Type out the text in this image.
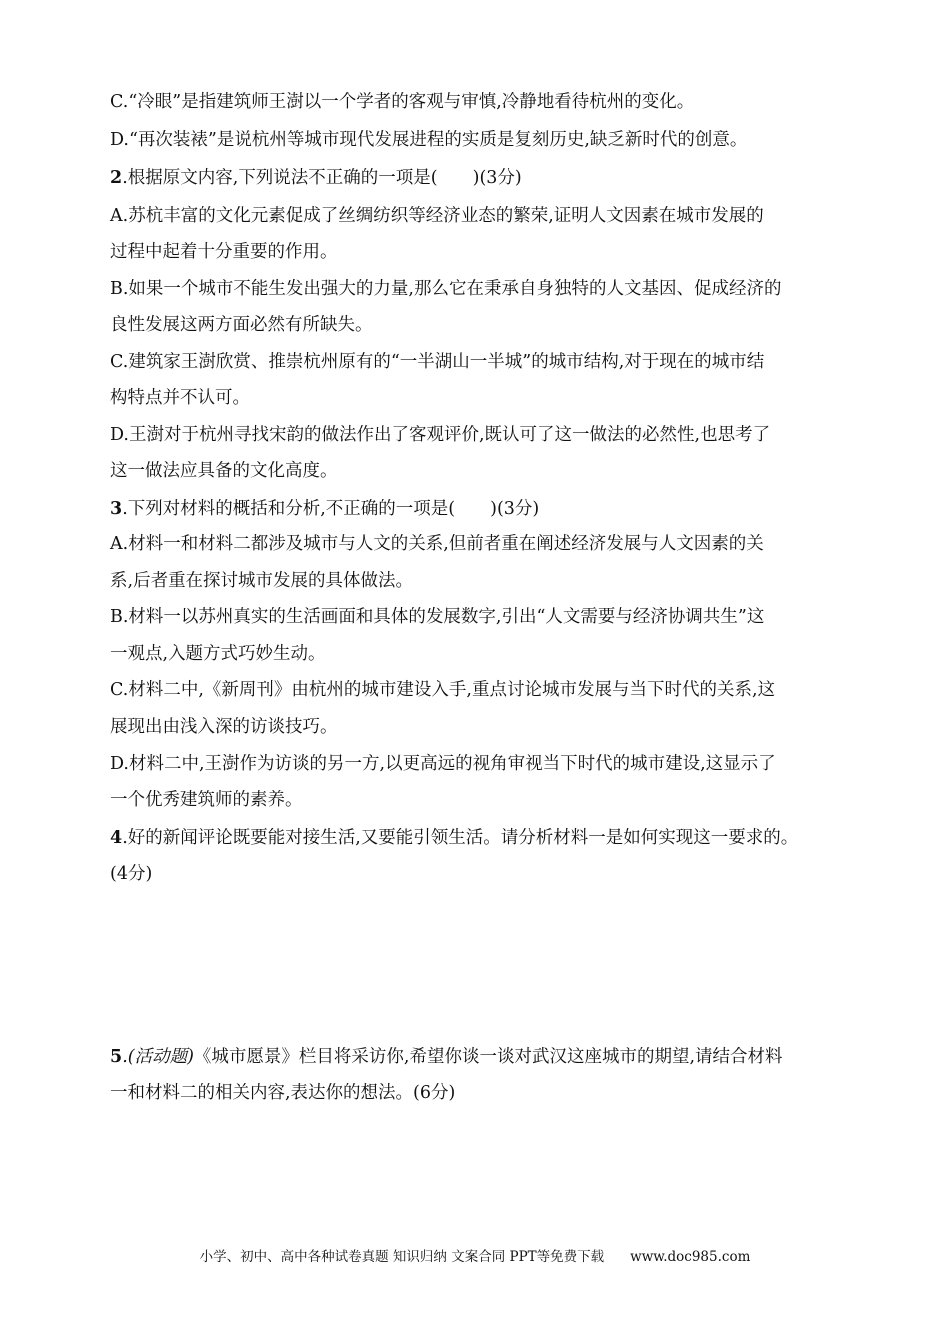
C.“冷眼”是指建筑师王澍以一个学者的客观与审慎,冷静地看待杭州的变化。
D.“再次装裱”是说杭州等城市现代发展进程的实质是复刻历史,缺乏新时代的创意。
2.根据原文内容,下列说法不正确的一项是(　　)(3分)
A.苏杭丰富的文化元素促成了丝绸纺织等经济业态的繁荣,证明人文因素在城市发展的
过程中起着十分重要的作用。
B.如果一个城市不能生发出强大的力量,那么它在秉承自身独特的人文基因、促成经济的
良性发展这两方面必然有所缺失。
C.建筑家王澍欣赏、推崇杭州原有的“一半湖山一半城”的城市结构,对于现在的城市结
构特点并不认可。
D.王澍对于杭州寻找宋韵的做法作出了客观评价,既认可了这一做法的必然性,也思考了
这一做法应具备的文化高度。
3.下列对材料的概括和分析,不正确的一项是(　　)(3分)
A.材料一和材料二都涉及城市与人文的关系,但前者重在阐述经济发展与人文因素的关
系,后者重在探讨城市发展的具体做法。
B.材料一以苏州真实的生活画面和具体的发展数字,引出“人文需要与经济协调共生”这
一观点,入题方式巧妙生动。
C.材料二中,《新周刊》由杭州的城市建设入手,重点讨论城市发展与当下时代的关系,这
展现出由浅入深的访谈技巧。
D.材料二中,王澍作为访谈的另一方,以更高远的视角审视当下时代的城市建设,这显示了
一个优秀建筑师的素养。
4.好的新闻评论既要能对接生活,又要能引领生活。请分析材料一是如何实现这一要求的。
(4分)
5.(活动题)《城市愿景》栏目将采访你,希望你谈一谈对武汉这座城市的期望,请结合材料
一和材料二的相关内容,表达你的想法。(6分)
小学、初中、高中各种试卷真题 知识归纳 文案合同 PPT等免费下载 www.doc985.com
